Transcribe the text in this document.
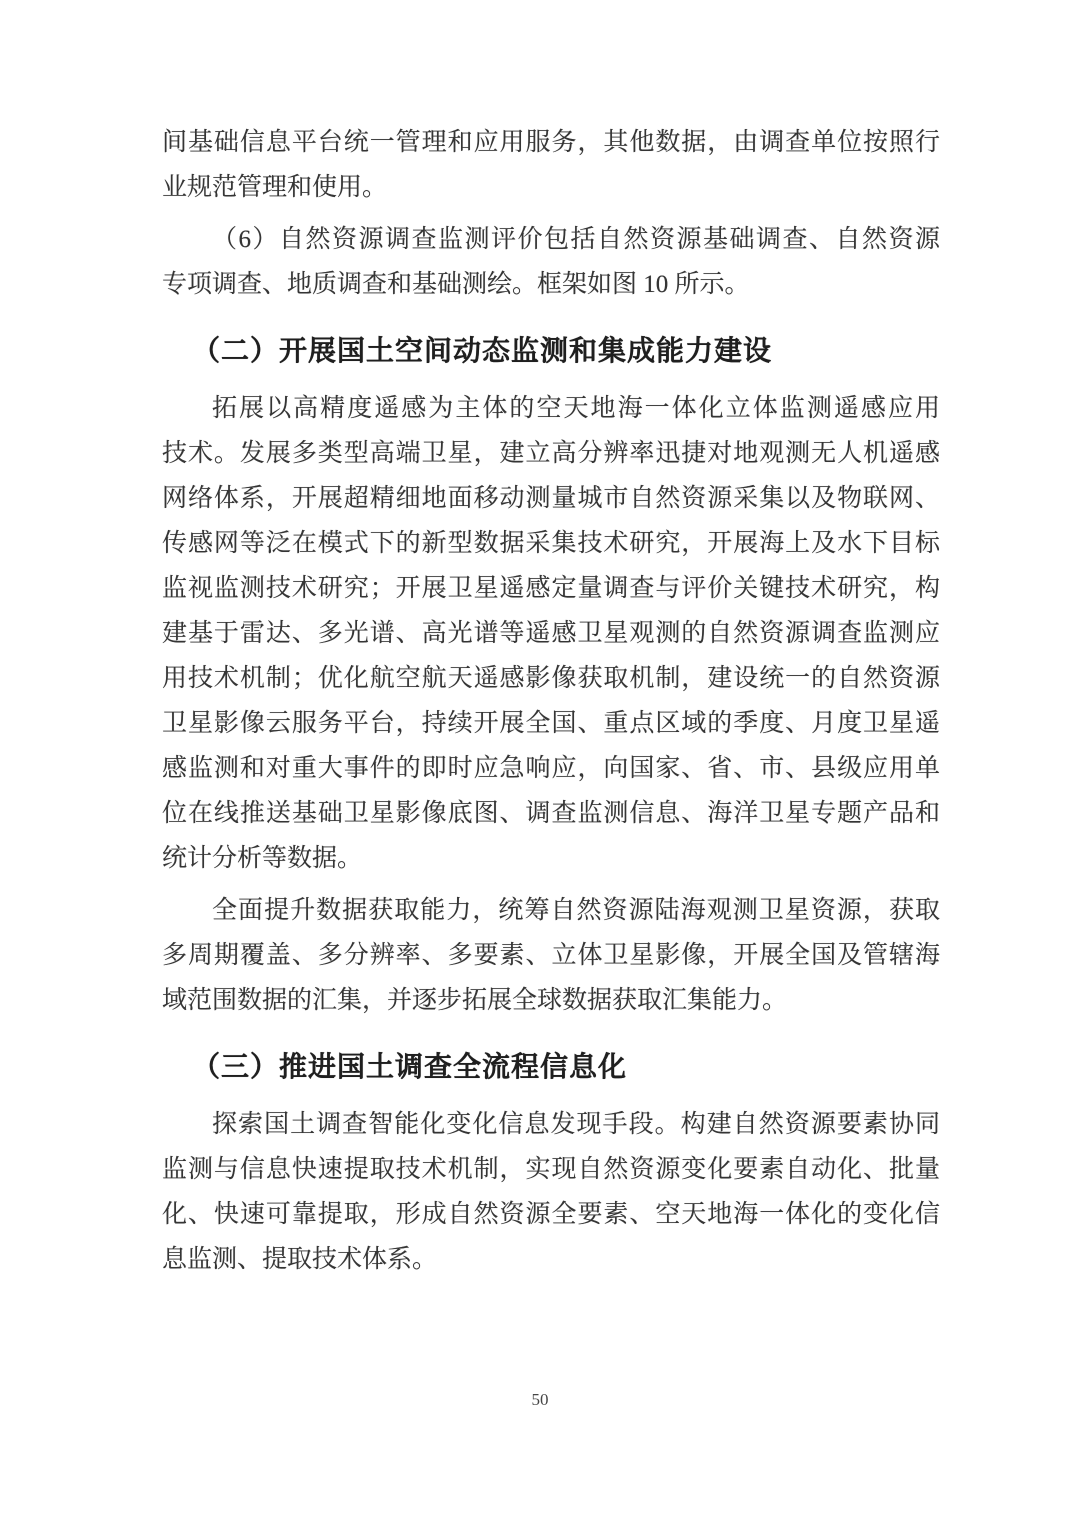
间基础信息平台统一管理和应用服务，其他数据，由调查单位按照行
业规范管理和使用。
（6）自然资源调查监测评价包括自然资源基础调查、自然资源
专项调查、地质调查和基础测绘。框架如图 10 所示。
（二）开展国土空间动态监测和集成能力建设
拓展以高精度遥感为主体的空天地海一体化立体监测遥感应用
技术。发展多类型高端卫星，建立高分辨率迅捷对地观测无人机遥感
网络体系，开展超精细地面移动测量城市自然资源采集以及物联网、
传感网等泛在模式下的新型数据采集技术研究，开展海上及水下目标
监视监测技术研究；开展卫星遥感定量调查与评价关键技术研究，构
建基于雷达、多光谱、高光谱等遥感卫星观测的自然资源调查监测应
用技术机制；优化航空航天遥感影像获取机制，建设统一的自然资源
卫星影像云服务平台，持续开展全国、重点区域的季度、月度卫星遥
感监测和对重大事件的即时应急响应，向国家、省、市、县级应用单
位在线推送基础卫星影像底图、调查监测信息、海洋卫星专题产品和
统计分析等数据。
全面提升数据获取能力，统筹自然资源陆海观测卫星资源，获取
多周期覆盖、多分辨率、多要素、立体卫星影像，开展全国及管辖海
域范围数据的汇集，并逐步拓展全球数据获取汇集能力。
（三）推进国土调查全流程信息化
探索国土调查智能化变化信息发现手段。构建自然资源要素协同
监测与信息快速提取技术机制，实现自然资源变化要素自动化、批量
化、快速可靠提取，形成自然资源全要素、空天地海一体化的变化信
息监测、提取技术体系。
50
